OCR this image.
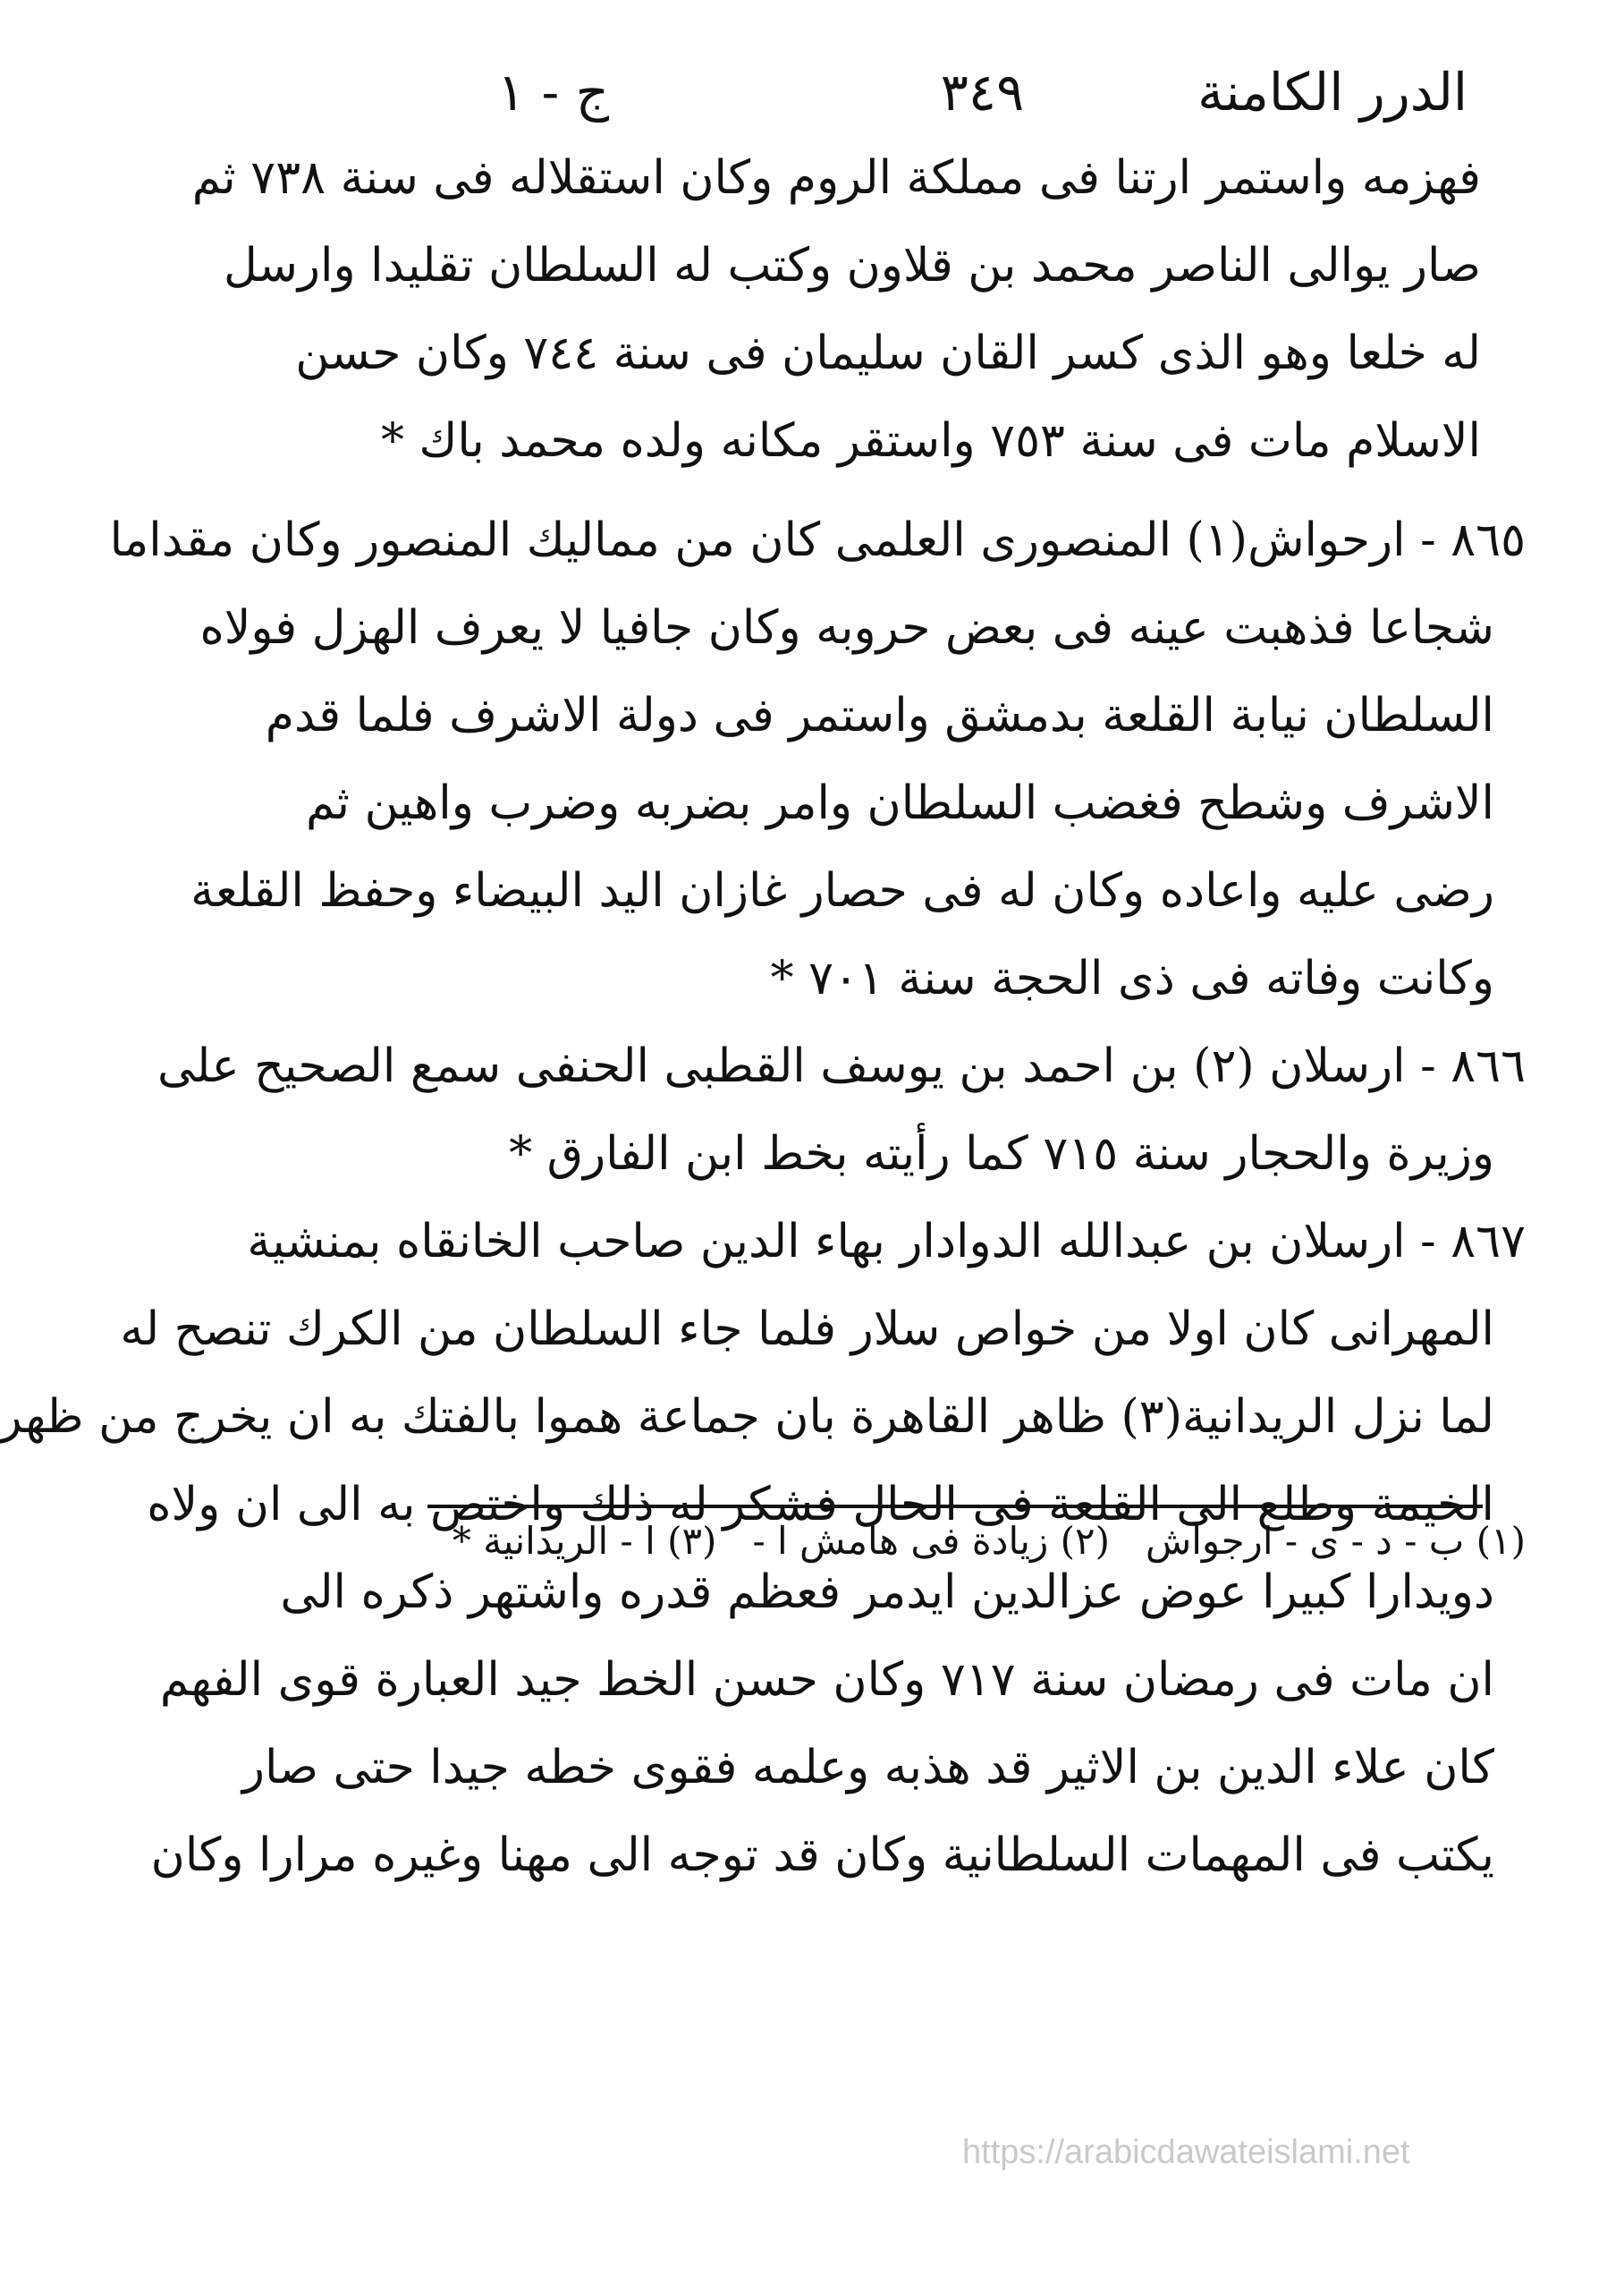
الدرر الكامنة
٣٤٩
ج - ١
فهزمه واستمر ارتنا فى مملكة الروم وكان استقلاله فى سنة ٧٣٨ ثم
صار يوالى الناصر محمد بن قلاون وكتب له السلطان تقليدا وارسل
له خلعا وهو الذى كسر القان سليمان فى سنة ٧٤٤ وكان حسن
الاسلام مات فى سنة ٧٥٣ واستقر مكانه ولده محمد باك *
٨٦٥ - ارحواش(١) المنصورى العلمى كان من مماليك المنصور وكان مقداما
شجاعا فذهبت عينه فى بعض حروبه وكان جافيا لا يعرف الهزل فولاه
السلطان نيابة القلعة بدمشق واستمر فى دولة الاشرف فلما قدم
الاشرف وشطح فغضب السلطان وامر بضربه وضرب واهين ثم
رضى عليه واعاده وكان له فى حصار غازان اليد البيضاء وحفظ القلعة
وكانت وفاته فى ذى الحجة سنة ٧٠١ *
٨٦٦ - ارسلان (٢) بن احمد بن يوسف القطبى الحنفى سمع الصحيح على
وزيرة والحجار سنة ٧١٥ كما رأيته بخط ابن الفارق *
٨٦٧ - ارسلان بن عبدالله الدوادار بهاء الدين صاحب الخانقاه بمنشية
المهرانى كان اولا من خواص سلار فلما جاء السلطان من الكرك تنصح له
لما نزل الريدانية(٣) ظاهر القاهرة بان جماعة هموا بالفتك به ان يخرج من ظهر
الخيمة وطلع الى القلعة فى الحال فشكر له ذلك واختص به الى ان ولاه
دويدارا كبيرا عوض عزالدين ايدمر فعظم قدره واشتهر ذكره الى
ان مات فى رمضان سنة ٧١٧ وكان حسن الخط جيد العبارة قوى الفهم
كان علاء الدين بن الاثير قد هذبه وعلمه فقوى خطه جيدا حتى صار
يكتب فى المهمات السلطانية وكان قد توجه الى مهنا وغيره مرارا وكان
(١) ب - د - ى - ارجواش
(٢) زيادة فى هامش ا -
(٣) ا - الريدانية *
https://arabicdawateislami.net
